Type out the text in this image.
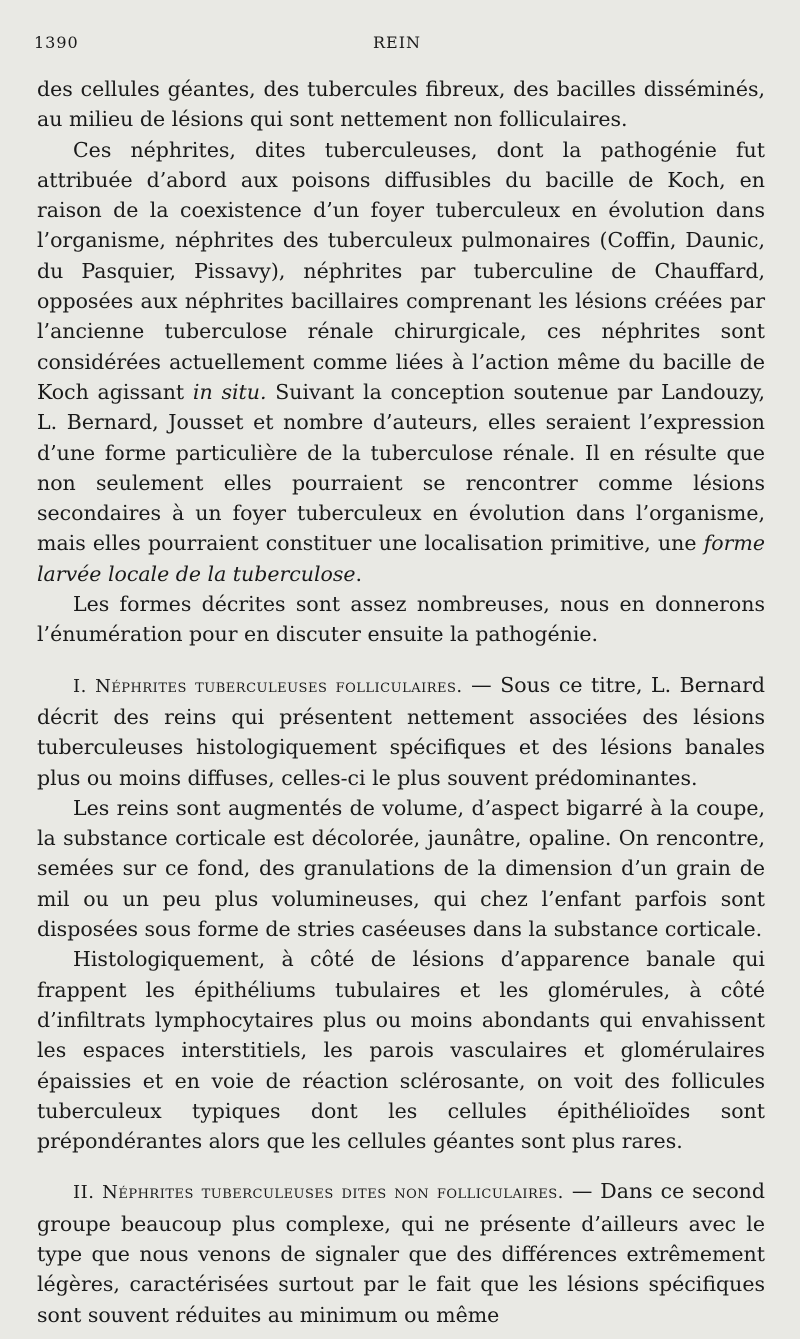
1390	REIN

des cellules géantes, des tubercules fibreux, des bacilles disséminés, au milieu de lésions qui sont nettement non folliculaires.

Ces néphrites, dites tuberculeuses, dont la pathogénie fut attribuée d’abord aux poisons diffusibles du bacille de Koch, en raison de la coexistence d’un foyer tuberculeux en évolution dans l’organisme, néphrites des tuberculeux pulmonaires (Coffin, Daunic, du Pasquier, Pissavy), néphrites par tuberculine de Chauffard, opposées aux néphrites bacillaires comprenant les lésions créées par l’ancienne tuberculose rénale chirurgicale, ces néphrites sont considérées actuellement comme liées à l’action même du bacille de Koch agissant in situ. Suivant la conception soutenue par Landouzy, L. Bernard, Jousset et nombre d’auteurs, elles seraient l’expression d’une forme particulière de la tuberculose rénale. Il en résulte que non seulement elles pourraient se rencontrer comme lésions secondaires à un foyer tuberculeux en évolution dans l’organisme, mais elles pourraient constituer une localisation primitive, une forme larvée locale de la tuberculose.

Les formes décrites sont assez nombreuses, nous en donnerons l’énumération pour en discuter ensuite la pathogénie.

I. Néphrites tuberculeuses folliculaires. — Sous ce titre, L. Bernard décrit des reins qui présentent nettement associées des lésions tuberculeuses histologiquement spécifiques et des lésions banales plus ou moins diffuses, celles-ci le plus souvent prédominantes.

Les reins sont augmentés de volume, d’aspect bigarré à la coupe, la substance corticale est décolorée, jaunâtre, opaline. On rencontre, semées sur ce fond, des granulations de la dimension d’un grain de mil ou un peu plus volumineuses, qui chez l’enfant parfois sont disposées sous forme de stries caséeuses dans la substance corticale.

Histologiquement, à côté de lésions d’apparence banale qui frappent les épithéliums tubulaires et les glomérules, à côté d’infiltrats lymphocytaires plus ou moins abondants qui envahissent les espaces interstitiels, les parois vasculaires et glomérulaires épaissies et en voie de réaction sclérosante, on voit des follicules tuberculeux typiques dont les cellules épithélioïdes sont prépondérantes alors que les cellules géantes sont plus rares.

II. Néphrites tuberculeuses dites non folliculaires. — Dans ce second groupe beaucoup plus complexe, qui ne présente d’ailleurs avec le type que nous venons de signaler que des différences extrêmement légères, caractérisées surtout par le fait que les lésions spécifiques sont souvent réduites au minimum ou même
